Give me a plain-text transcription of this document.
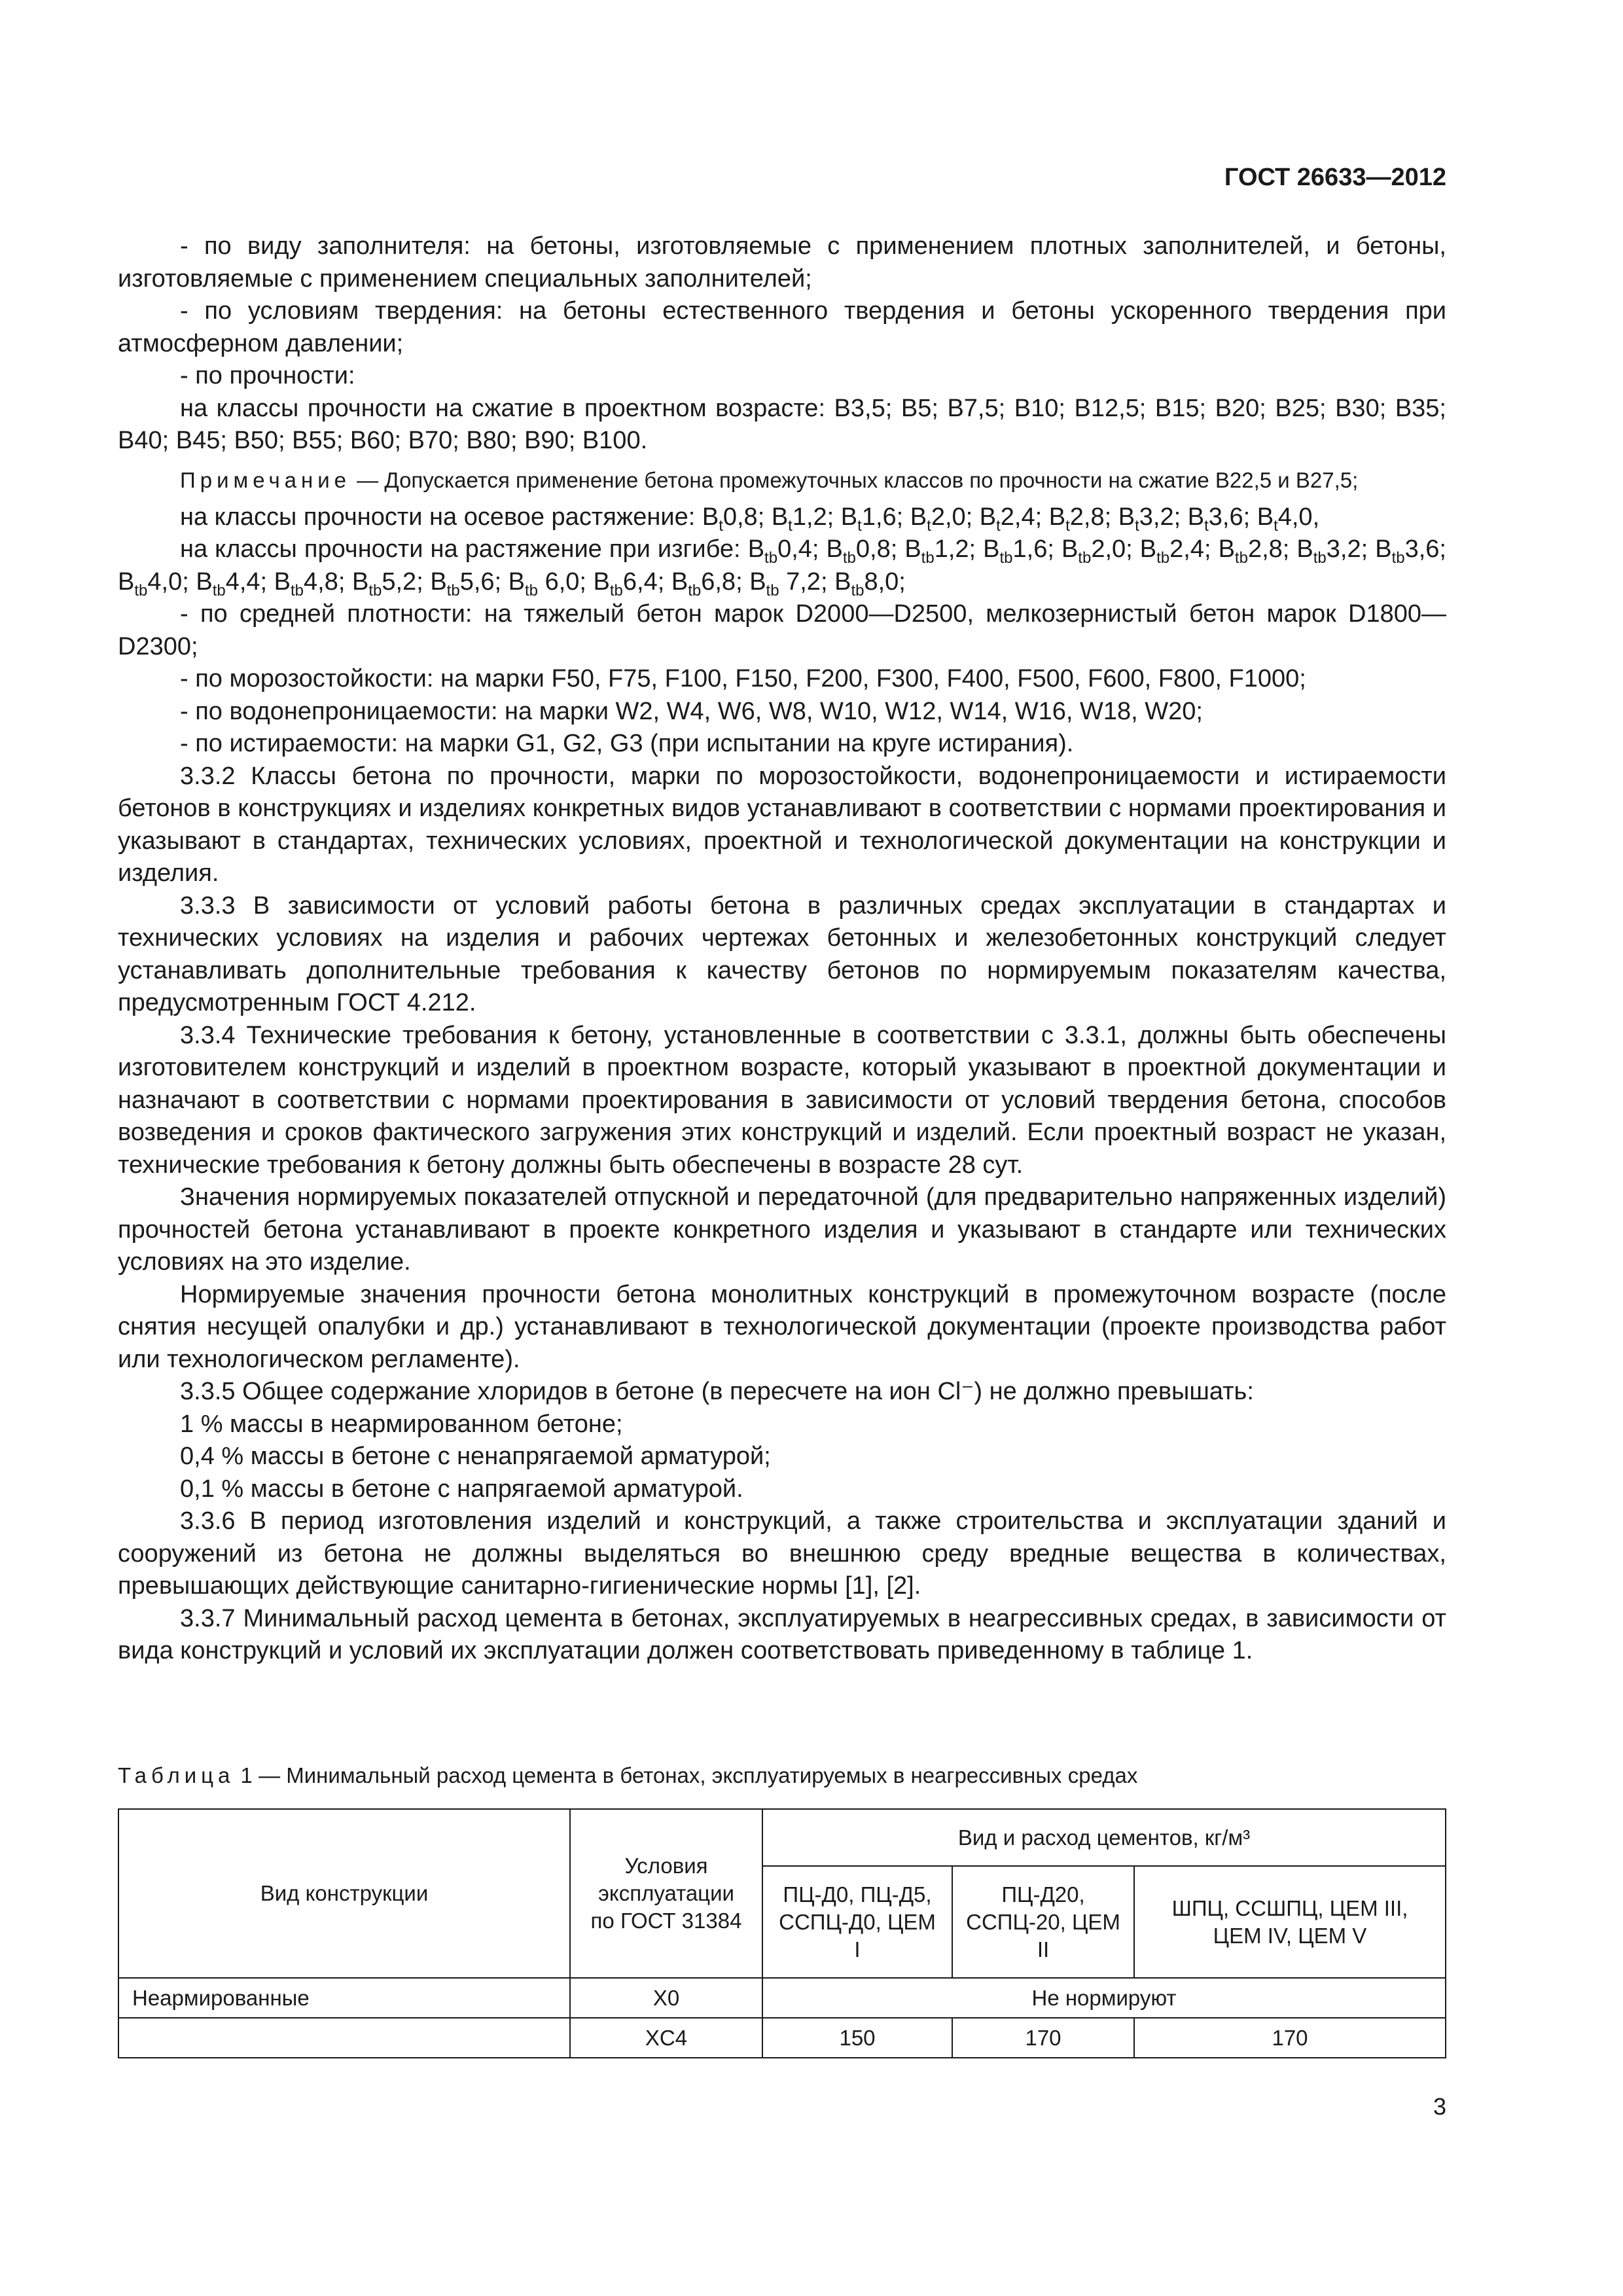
ГОСТ 26633—2012

- по виду заполнителя: на бетоны, изготовляемые с применением плотных заполнителей, и бетоны, изготовляемые с применением специальных заполнителей;

- по условиям твердения: на бетоны естественного твердения и бетоны ускоренного твердения при атмосферном давлении;

- по прочности:

на классы прочности на сжатие в проектном возрасте: B3,5; B5; B7,5; B10; B12,5; B15; B20; B25; B30; B35; B40; B45; B50; B55; B60; B70; B80; B90; B100.

Примечание — Допускается применение бетона промежуточных классов по прочности на сжатие B22,5 и B27,5;

на классы прочности на осевое растяжение: $B_t0,8$; $B_t1,2$; $B_t1,6$; $B_t2,0$; $B_t2,4$; $B_t2,8$; $B_t3,2$; $B_t3,6$; $B_t4,0$,

на классы прочности на растяжение при изгибе: $B_{tb}0,4$; $B_{tb}0,8$; $B_{tb}1,2$; $B_{tb}1,6$; $B_{tb}2,0$; $B_{tb}2,4$; $B_{tb}2,8$; $B_{tb}3,2$; $B_{tb}3,6$; $B_{tb}4,0$; $B_{tb}4,4$; $B_{tb}4,8$; $B_{tb}5,2$; $B_{tb}5,6$; $B_{tb}$ 6,0; $B_{tb}6,4$; $B_{tb}6,8$; $B_{tb}$ 7,2; $B_{tb}8,0$;

- по средней плотности: на тяжелый бетон марок D2000—D2500, мелкозернистый бетон марок D1800—D2300;

- по морозостойкости: на марки F50, F75, F100, F150, F200, F300, F400, F500, F600, F800, F1000;

- по водонепроницаемости: на марки W2, W4, W6, W8, W10, W12, W14, W16, W18, W20;

- по истираемости: на марки G1, G2, G3 (при испытании на круге истирания).

3.3.2 Классы бетона по прочности, марки по морозостойкости, водонепроницаемости и истираемости бетонов в конструкциях и изделиях конкретных видов устанавливают в соответствии с нормами проектирования и указывают в стандартах, технических условиях, проектной и технологической документации на конструкции и изделия.

3.3.3 В зависимости от условий работы бетона в различных средах эксплуатации в стандартах и технических условиях на изделия и рабочих чертежах бетонных и железобетонных конструкций следует устанавливать дополнительные требования к качеству бетонов по нормируемым показателям качества, предусмотренным ГОСТ 4.212.

3.3.4 Технические требования к бетону, установленные в соответствии с 3.3.1, должны быть обеспечены изготовителем конструкций и изделий в проектном возрасте, который указывают в проектной документации и назначают в соответствии с нормами проектирования в зависимости от условий твердения бетона, способов возведения и сроков фактического загружения этих конструкций и изделий. Если проектный возраст не указан, технические требования к бетону должны быть обеспечены в возрасте 28 сут.

Значения нормируемых показателей отпускной и передаточной (для предварительно напряженных изделий) прочностей бетона устанавливают в проекте конкретного изделия и указывают в стандарте или технических условиях на это изделие.

Нормируемые значения прочности бетона монолитных конструкций в промежуточном возрасте (после снятия несущей опалубки и др.) устанавливают в технологической документации (проекте производства работ или технологическом регламенте).

3.3.5 Общее содержание хлоридов в бетоне (в пересчете на ион Cl⁻) не должно превышать:

1 % массы в неармированном бетоне;

0,4 % массы в бетоне с ненапрягаемой арматурой;

0,1 % массы в бетоне с напрягаемой арматурой.

3.3.6 В период изготовления изделий и конструкций, а также строительства и эксплуатации зданий и сооружений из бетона не должны выделяться во внешнюю среду вредные вещества в количествах, превышающих действующие санитарно-гигиенические нормы [1], [2].

3.3.7 Минимальный расход цемента в бетонах, эксплуатируемых в неагрессивных средах, в зависимости от вида конструкций и условий их эксплуатации должен соответствовать приведенному в таблице 1.

Таблица 1 — Минимальный расход цемента в бетонах, эксплуатируемых в неагрессивных средах
Вид конструкции	Условия эксплуатации по ГОСТ 31384	Вид и расход цементов, кг/м³		
		ПЦ-Д0, ПЦ-Д5, ССПЦ-Д0, ЦЕМ I	ПЦ-Д20, ССПЦ-20, ЦЕМ II	ШПЦ, ССШПЦ, ЦЕМ III, ЦЕМ IV, ЦЕМ V
Неармированные	X0	Не нормируют		
	XC4	150	170	170
3
